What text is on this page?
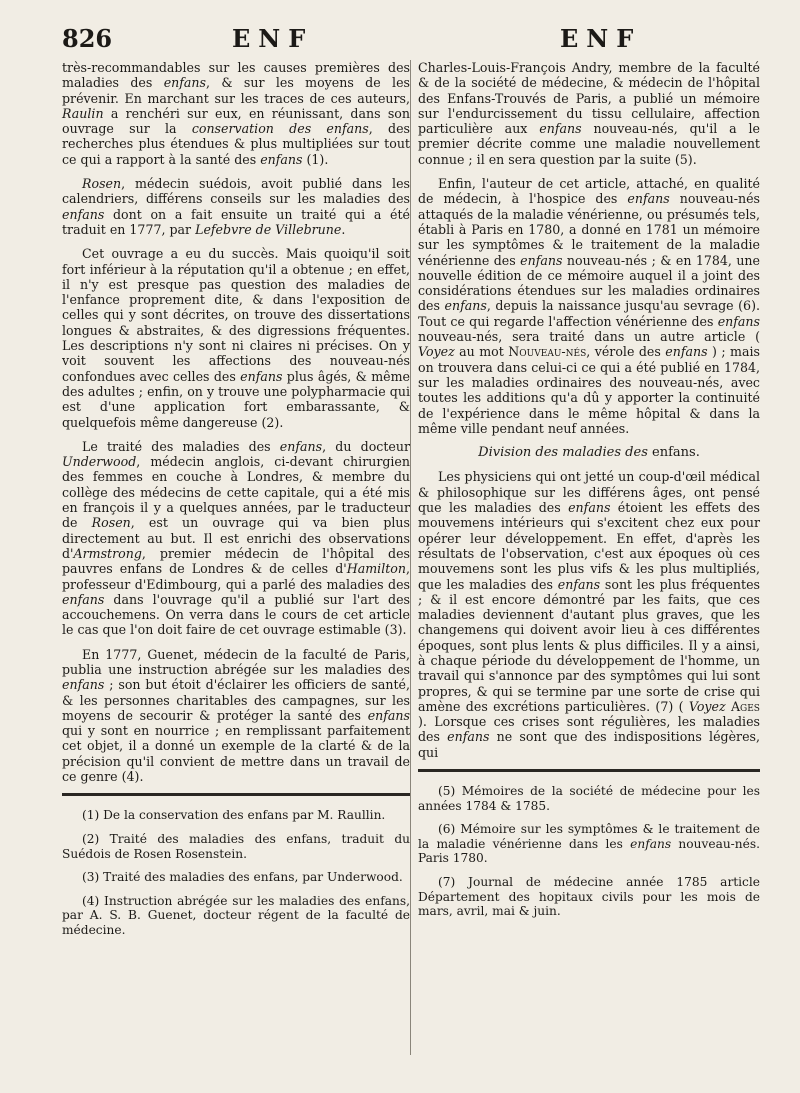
826	ENF	ENF

très-recommandables sur les causes premières des maladies des enfans, & sur les moyens de les prévenir. En marchant sur les traces de ces auteurs, Raulin a renchéri sur eux, en réunissant, dans son ouvrage sur la conservation des enfans, des recherches plus étendues & plus multipliées sur tout ce qui a rapport à la santé des enfans (1).

Rosen, médecin suédois, avoit publié dans les calendriers, différens conseils sur les maladies des enfans dont on a fait ensuite un traité qui a été traduit en 1777, par Lefebvre de Villebrune.

Cet ouvrage a eu du succès. Mais quoiqu'il soit fort inférieur à la réputation qu'il a obtenue ; en effet, il n'y est presque pas question des maladies de l'enfance proprement dite, & dans l'exposition de celles qui y sont décrites, on trouve des dissertations longues & abstraites, & des digressions fréquentes. Les descriptions n'y sont ni claires ni précises. On y voit souvent les affections des nouveau-nés confondues avec celles des enfans plus âgés, & même des adultes ; enfin, on y trouve une polypharmacie qui est d'une application fort embarassante, & quelquefois même dangereuse (2).

Le traité des maladies des enfans, du docteur Underwood, médecin anglois, ci-devant chirurgien des femmes en couche à Londres, & membre du collège des médecins de cette capitale, qui a été mis en françois il y a quelques années, par le traducteur de Rosen, est un ouvrage qui va bien plus directement au but. Il est enrichi des observations d'Armstrong, premier médecin de l'hôpital des pauvres enfans de Londres & de celles d'Hamilton, professeur d'Edimbourg, qui a parlé des maladies des enfans dans l'ouvrage qu'il a publié sur l'art des accouchemens. On verra dans le cours de cet article le cas que l'on doit faire de cet ouvrage estimable (3).

En 1777, Guenet, médecin de la faculté de Paris, publia une instruction abrégée sur les maladies des enfans ; son but étoit d'éclairer les officiers de santé, & les personnes charitables des campagnes, sur les moyens de secourir & protéger la santé des enfans qui y sont en nourrice ; en remplissant parfaitement cet objet, il a donné un exemple de la clarté & de la précision qu'il convient de mettre dans un travail de ce genre (4).

(1) De la conservation des enfans par M. Raullin.

(2) Traité des maladies des enfans, traduit du Suédois de Rosen Rosenstein.

(3) Traité des maladies des enfans, par Underwood.

(4) Instruction abrégée sur les maladies des enfans, par A. S. B. Guenet, docteur régent de la faculté de médecine.

Charles-Louis-François Andry, membre de la faculté & de la société de médecine, & médecin de l'hôpital des Enfans-Trouvés de Paris, a publié un mémoire sur l'endurcissement du tissu cellulaire, affection particulière aux enfans nouveau-nés, qu'il a le premier décrite comme une maladie nouvellement connue ; il en sera question par la suite (5).

Enfin, l'auteur de cet article, attaché, en qualité de médecin, à l'hospice des enfans nouveau-nés attaqués de la maladie vénérienne, ou présumés tels, établi à Paris en 1780, a donné en 1781 un mémoire sur les symptômes & le traitement de la maladie vénérienne des enfans nouveau-nés ; & en 1784, une nouvelle édition de ce mémoire auquel il a joint des considérations étendues sur les maladies ordinaires des enfans, depuis la naissance jusqu'au sevrage (6). Tout ce qui regarde l'affection vénérienne des enfans nouveau-nés, sera traité dans un autre article ( Voyez au mot Nouveau-nés, vérole des enfans ) ; mais on trouvera dans celui-ci ce qui a été publié en 1784, sur les maladies ordinaires des nouveau-nés, avec toutes les additions qu'a dû y apporter la continuité de l'expérience dans le même hôpital & dans la même ville pendant neuf années.

Division des maladies des enfans.

Les physiciens qui ont jetté un coup-d'œil médical & philosophique sur les différens âges, ont pensé que les maladies des enfans étoient les effets des mouvemens intérieurs qui s'excitent chez eux pour opérer leur développement. En effet, d'après les résultats de l'observation, c'est aux époques où ces mouvemens sont les plus vifs & les plus multipliés, que les maladies des enfans sont les plus fréquentes ; & il est encore démontré par les faits, que ces maladies deviennent d'autant plus graves, que les changemens qui doivent avoir lieu à ces différentes époques, sont plus lents & plus difficiles. Il y a ainsi, à chaque période du développement de l'homme, un travail qui s'annonce par des symptômes qui lui sont propres, & qui se termine par une sorte de crise qui amène des excrétions particulières. (7) ( Voyez Ages ). Lorsque ces crises sont régulières, les maladies des enfans ne sont que des indispositions légères, qui

(5) Mémoires de la société de médecine pour les années 1784 & 1785.

(6) Mémoire sur les symptômes & le traitement de la maladie vénérienne dans les enfans nouveau-nés. Paris 1780.

(7) Journal de médecine année 1785 article Département des hopitaux civils pour les mois de mars, avril, mai & juin.
